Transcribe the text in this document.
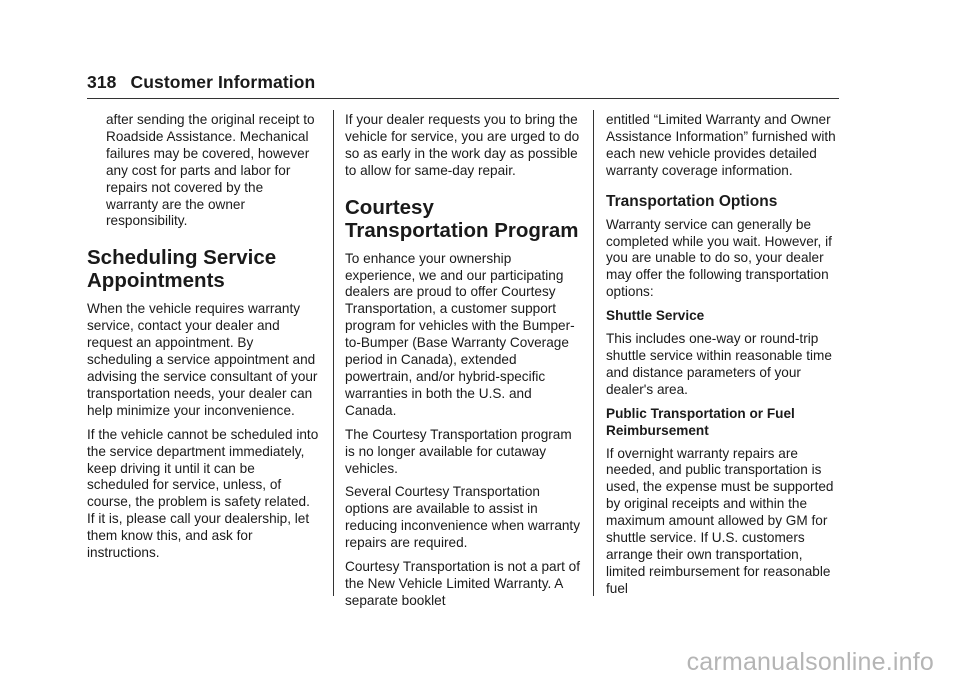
318 Customer Information

after sending the original receipt to Roadside Assistance. Mechanical failures may be covered, however any cost for parts and labor for repairs not covered by the warranty are the owner responsibility.

Scheduling Service Appointments

When the vehicle requires warranty service, contact your dealer and request an appointment. By scheduling a service appointment and advising the service consultant of your transportation needs, your dealer can help minimize your inconvenience.

If the vehicle cannot be scheduled into the service department immediately, keep driving it until it can be scheduled for service, unless, of course, the problem is safety related. If it is, please call your dealership, let them know this, and ask for instructions.

If your dealer requests you to bring the vehicle for service, you are urged to do so as early in the work day as possible to allow for same-day repair.

Courtesy Transportation Program

To enhance your ownership experience, we and our participating dealers are proud to offer Courtesy Transportation, a customer support program for vehicles with the Bumper-to-Bumper (Base Warranty Coverage period in Canada), extended powertrain, and/or hybrid-specific warranties in both the U.S. and Canada.

The Courtesy Transportation program is no longer available for cutaway vehicles.

Several Courtesy Transportation options are available to assist in reducing inconvenience when warranty repairs are required.

Courtesy Transportation is not a part of the New Vehicle Limited Warranty. A separate booklet

entitled “Limited Warranty and Owner Assistance Information” furnished with each new vehicle provides detailed warranty coverage information.

Transportation Options

Warranty service can generally be completed while you wait. However, if you are unable to do so, your dealer may offer the following transportation options:

Shuttle Service

This includes one-way or round-trip shuttle service within reasonable time and distance parameters of your dealer's area.

Public Transportation or Fuel Reimbursement

If overnight warranty repairs are needed, and public transportation is used, the expense must be supported by original receipts and within the maximum amount allowed by GM for shuttle service. If U.S. customers arrange their own transportation, limited reimbursement for reasonable fuel

carmanualsonline.info
